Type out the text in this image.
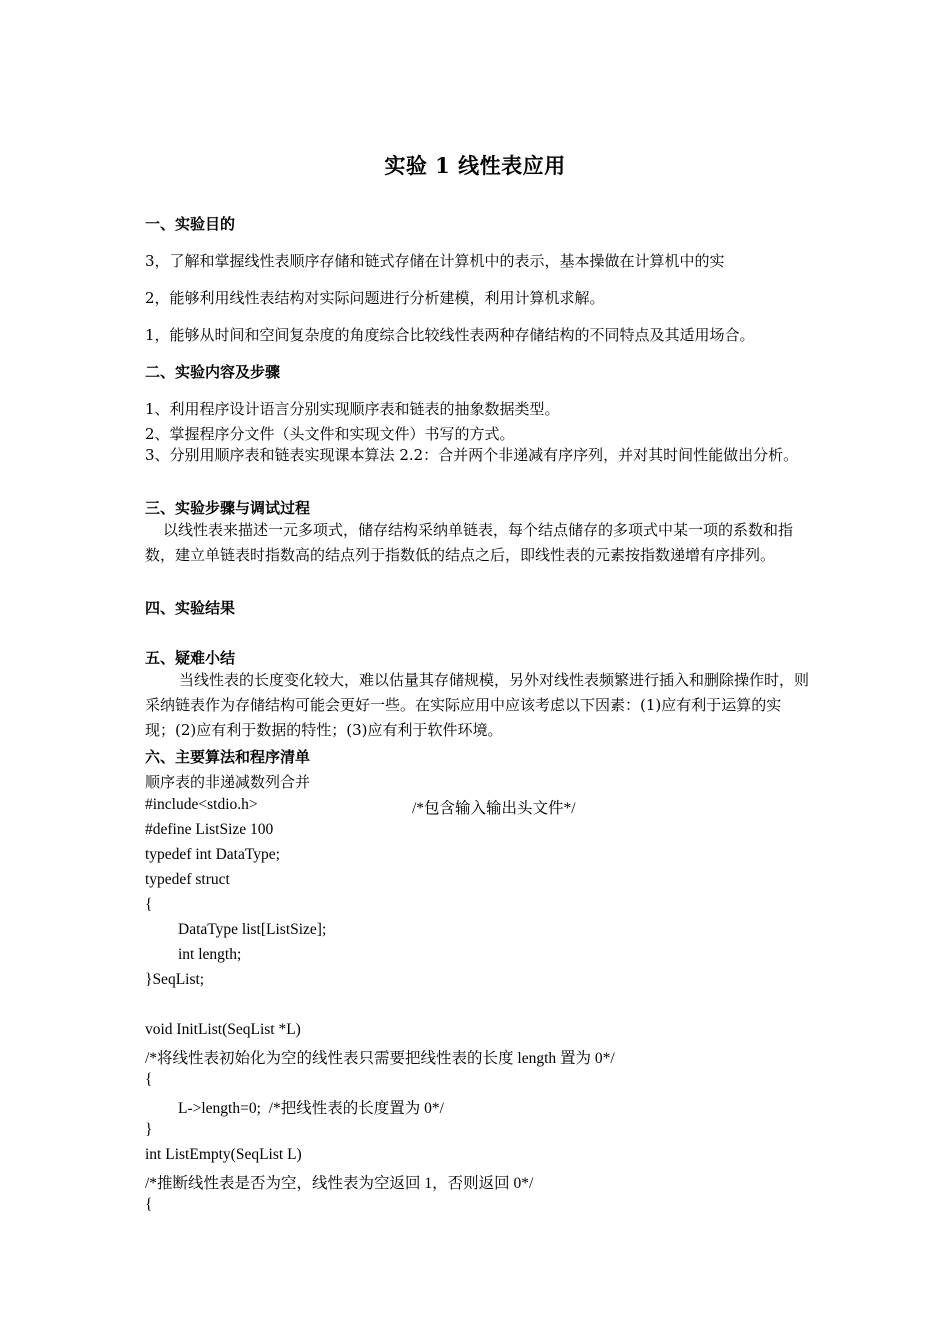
实验 1 线性表应用
一、实验目的
3，了解和掌握线性表顺序存储和链式存储在计算机中的表示，基本操做在计算机中的实
2，能够利用线性表结构对实际问题进行分析建模，利用计算机求解。
1，能够从时间和空间复杂度的角度综合比较线性表两种存储结构的不同特点及其适用场合。
二、实验内容及步骤
1、利用程序设计语言分别实现顺序表和链表的抽象数据类型。
2、掌握程序分文件（头文件和实现文件）书写的方式。
3、分别用顺序表和链表实现课本算法 2.2：合并两个非递减有序序列，并对其时间性能做出分析。
三、实验步骤与调试过程
以线性表来描述一元多项式，储存结构采纳单链表，每个结点储存的多项式中某一项的系数和指数，建立单链表时指数高的结点列于指数低的结点之后，即线性表的元素按指数递增有序排列。
四、实验结果
五、疑难小结
当线性表的长度变化较大，难以估量其存储规模，另外对线性表频繁进行插入和删除操作时，则采纳链表作为存储结构可能会更好一些。在实际应用中应该考虑以下因素：(1)应有利于运算的实现；(2)应有利于数据的特性；(3)应有利于软件环境。
六、主要算法和程序清单
顺序表的非递减数列合并
#include<stdio.h>	/*包含输入输出头文件*/
#define ListSize 100
typedef int DataType;
typedef struct
{
DataType list[ListSize];
int length;
}SeqList;
void InitList(SeqList *L)
/*将线性表初始化为空的线性表只需要把线性表的长度 length 置为 0*/
{
L->length=0;  /*把线性表的长度置为 0*/
}
int ListEmpty(SeqList L)
/*推断线性表是否为空，线性表为空返回 1，否则返回 0*/
{
